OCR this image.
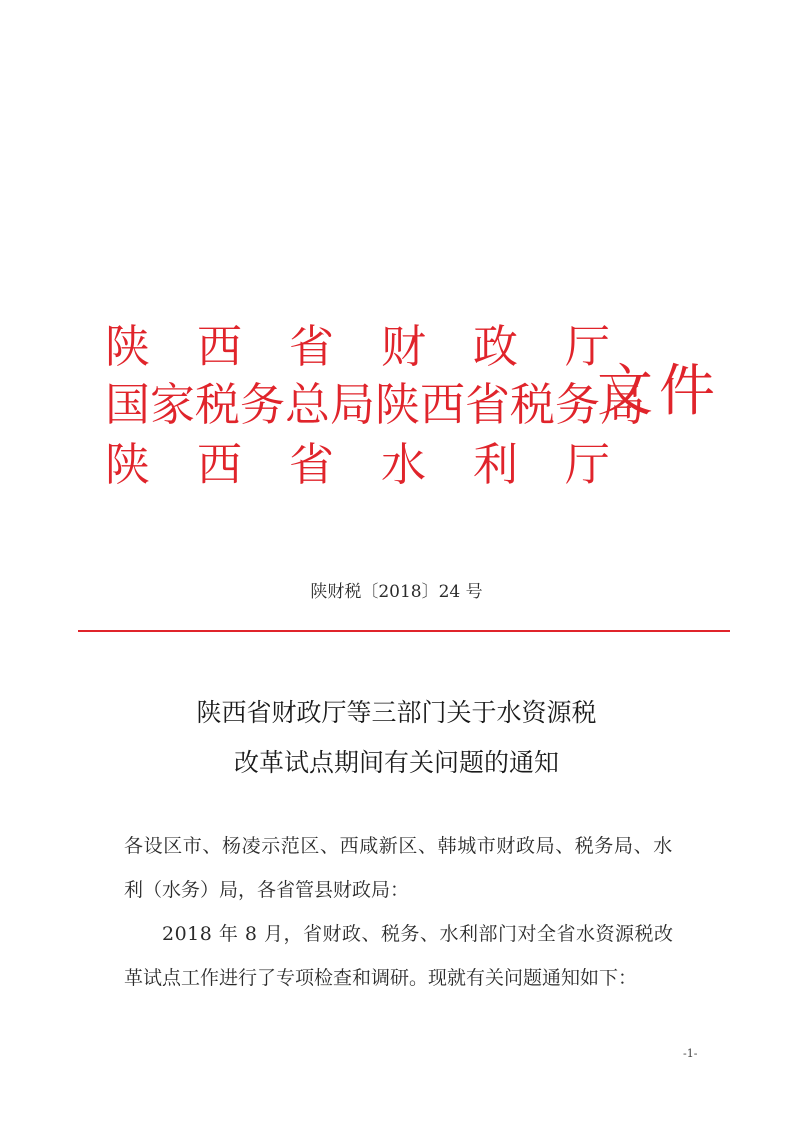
陕西省财政厅
国家税务总局陕西省税务局
陕西省水利厅
文件
陕财税〔2018〕24 号
陕西省财政厅等三部门关于水资源税
改革试点期间有关问题的通知
各设区市、杨凌示范区、西咸新区、韩城市财政局、税务局、水
利（水务）局，各省管县财政局：
2018 年 8 月，省财政、税务、水利部门对全省水资源税改
革试点工作进行了专项检查和调研。现就有关问题通知如下：
-1-
